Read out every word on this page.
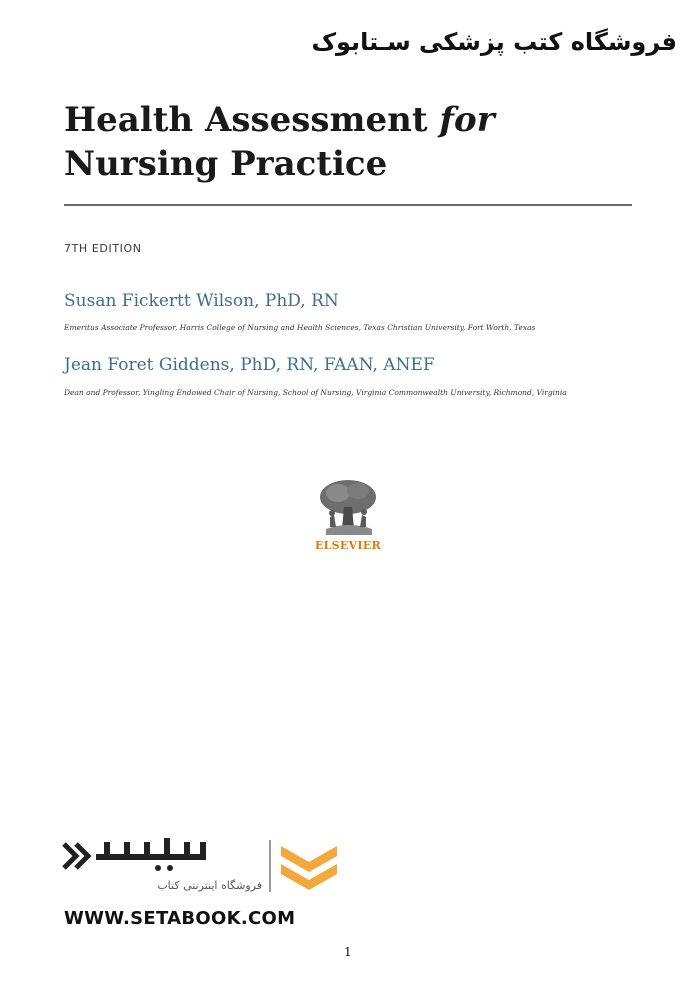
فروشگاه کتب پزشکی سـتابوک
Health Assessment for Nursing Practice
7TH EDITION
Susan Fickertt Wilson, PhD, RN
Emeritus Associate Professor, Harris College of Nursing and Health Sciences, Texas Christian University, Fort Worth, Texas
Jean Foret Giddens, PhD, RN, FAAN, ANEF
Dean and Professor, Yingling Endowed Chair of Nursing, School of Nursing, Virginia Commonwealth University, Richmond, Virginia
ELSEVIER
فروشگاه اینترنتی کتاب
WWW.SETABOOK.COM
1
